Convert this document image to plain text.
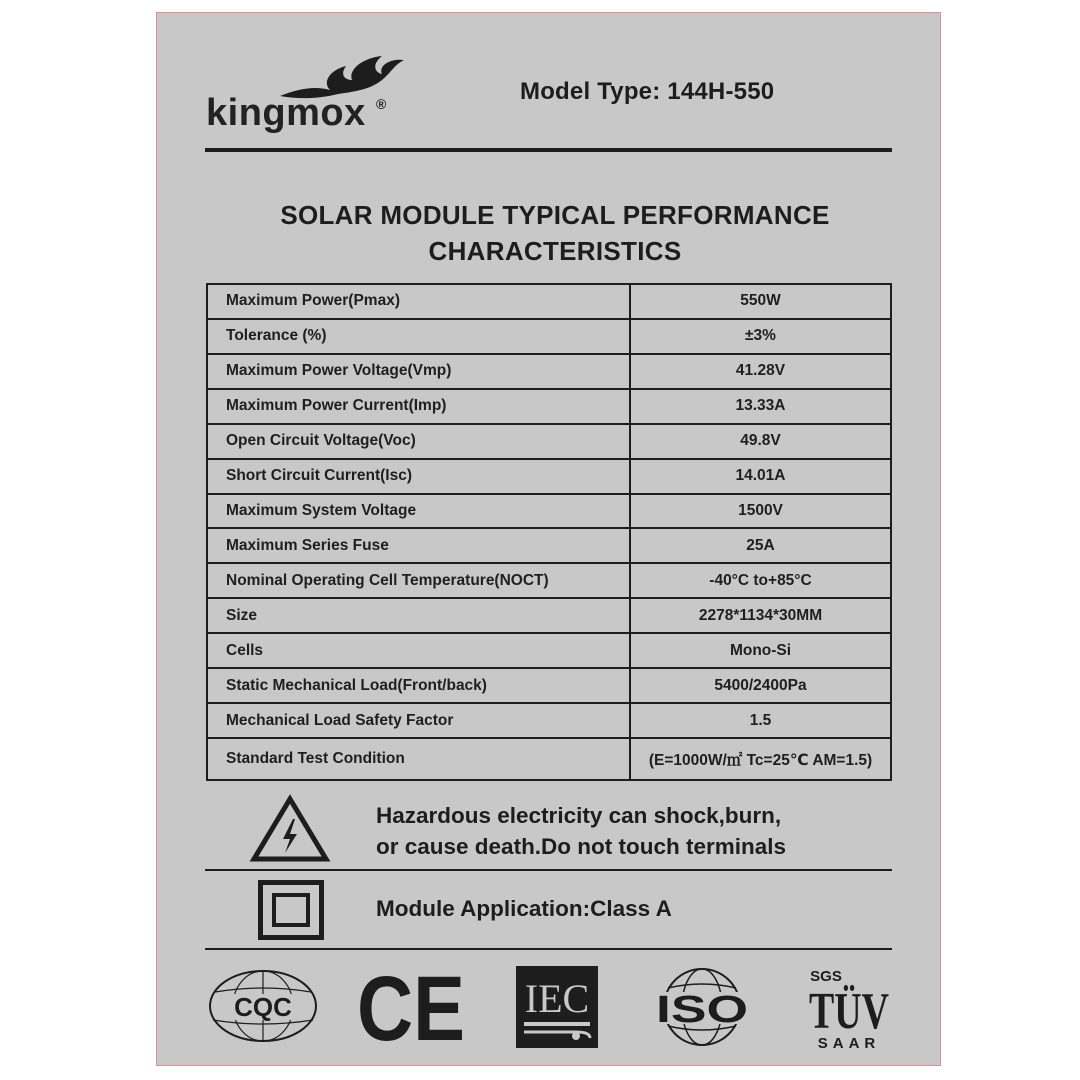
kingmox ®	Model Type: 144H-550
SOLAR MODULE TYPICAL PERFORMANCE
CHARACTERISTICS
Maximum Power(Pmax)	550W
Tolerance (%)	±3%
Maximum Power Voltage(Vmp)	41.28V
Maximum Power Current(Imp)	13.33A
Open Circuit Voltage(Voc)	49.8V
Short Circuit Current(Isc)	14.01A
Maximum System Voltage	1500V
Maximum Series Fuse	25A
Nominal Operating Cell Temperature(NOCT)	-40°C to+85°C
Size	2278*1134*30MM
Cells	Mono-Si
Static Mechanical Load(Front/back)	5400/2400Pa
Mechanical Load Safety Factor	1.5
Standard Test Condition	(E=1000W/㎡ Tc=25℃ AM=1.5)
Hazardous electricity can shock,burn,
or cause death.Do not touch terminals
Module Application:Class A
CQC CE IEC ISO
SGS
TÜV
SAAR
